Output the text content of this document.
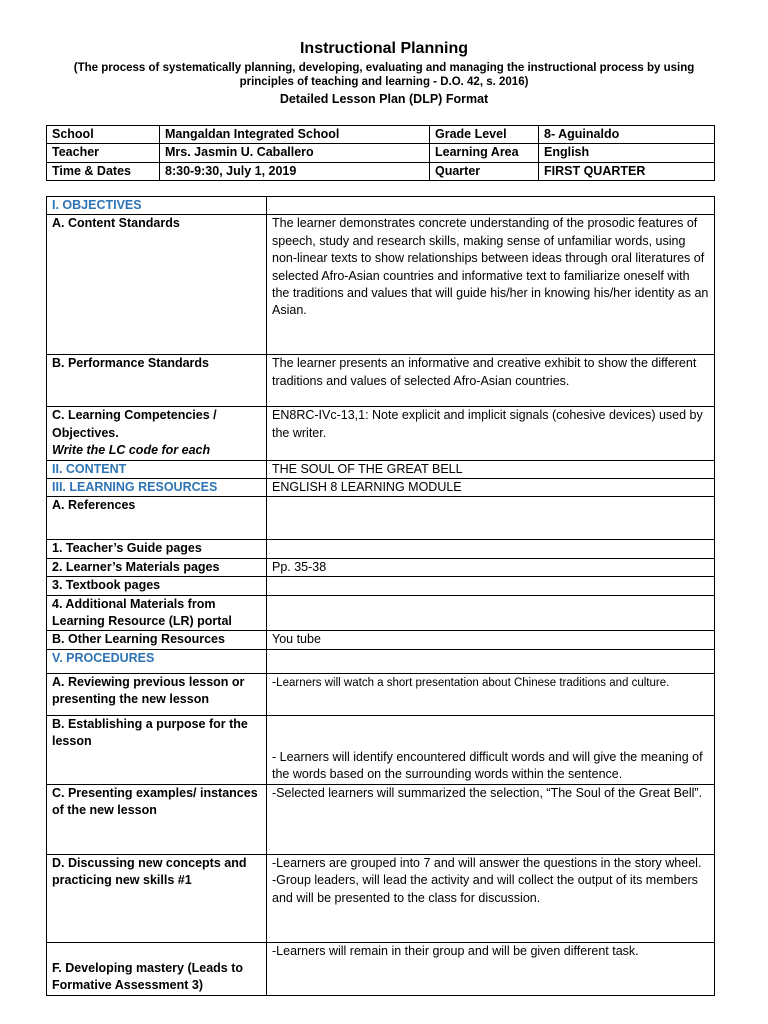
Instructional Planning
(The process of systematically planning, developing, evaluating and managing the instructional process by using principles of teaching and learning - D.O. 42, s. 2016)
Detailed Lesson Plan (DLP) Format
School	Mangaldan Integrated School	Grade Level	8- Aguinaldo
Teacher	Mrs. Jasmin U. Caballero	Learning Area	English
Time & Dates	8:30-9:30, July 1, 2019	Quarter	FIRST QUARTER
I. OBJECTIVES	
A. Content Standards	The learner demonstrates concrete understanding of the prosodic features of speech, study and research skills, making sense of unfamiliar words, using non-linear texts to show relationships between ideas through oral literatures of selected Afro-Asian countries and informative text to familiarize oneself with the traditions and values that will guide his/her in knowing his/her identity as an Asian.
B. Performance Standards	The learner presents an informative and creative exhibit to show the different traditions and values of selected Afro-Asian countries.

C. Learning Competencies / Objectives.
Write the LC code for each	EN8RC-IVc-13,1: Note explicit and implicit signals (cohesive devices) used by the writer.
II. CONTENT	THE SOUL OF THE GREAT BELL
III. LEARNING RESOURCES	ENGLISH 8 LEARNING MODULE
A. References	
1. Teacher’s Guide pages	
2. Learner’s Materials pages	Pp. 35-38
3. Textbook pages	
4. Additional Materials from Learning Resource (LR) portal	
B. Other Learning Resources	You tube
V. PROCEDURES	
A. Reviewing previous lesson or presenting the new lesson	-Learners will watch a short presentation about Chinese traditions and culture.
B. Establishing a purpose for the lesson	- Learners will identify encountered difficult words and will give the meaning of the words based on the surrounding words within the sentence.
C. Presenting examples/ instances of the new lesson	-Selected learners will summarized the selection, “The Soul of the Great Bell”.
D. Discussing new concepts and practicing new skills #1	-Learners are grouped into 7 and will answer the questions in the story wheel.
-Group leaders, will lead the activity and will collect the output of its members and will be presented to the class for discussion.

F. Developing mastery (Leads to Formative Assessment 3)	-Learners will remain in their group and will be given different task.
